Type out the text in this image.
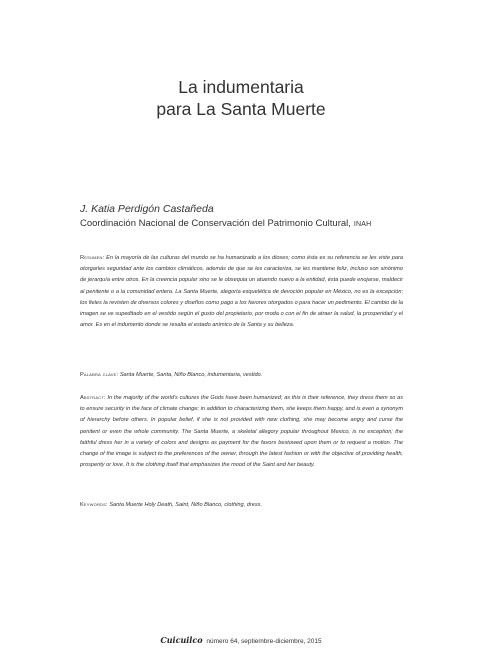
La indumentaria
para La Santa Muerte
J. Katia Perdigón Castañeda
Coordinación Nacional de Conservación del Patrimonio Cultural, INAH

Resumen: En la mayoría de las culturas del mundo se ha humanizado a los dioses; como ésta es su referencia se les viste para otorgarles seguridad ante los cambios climáticos, además de que se les caracteriza, se les mantiene feliz, incluso son sinónimo de jerarquía entre otros. En la creencia popular sino se le obsequia un atuendo nuevo a la entidad, ésta puede enojarse, maldecir al penitente o a la comunidad entera. La Santa Muerte, alegoría esquelética de devoción popular en México, no es la excepción; los fieles la revisten de diversos colores y diseños como pago a los favores otorgados o para hacer un pedimento. El cambio de la imagen se ve supeditado en el vestido según el gusto del propietario, por moda o con el fin de atraer la salud, la prosperidad y el amor. Es en el indumento donde se resalta el estado anímico de la Santa y su belleza.

Palabra clave: Santa Muerte, Santa, Niño Blanco, indumentaria, vestido.

Abstract: In the majority of the world's cultures the Gods have been humanized; as this is their reference, they dress them so as to ensure security in the face of climate change; in addition to characterizing them, she keeps them happy, and is even a synonym of hierarchy before others. In popular belief, if she is not provided with new clothing, she may become angry and curse the penitent or even the whole community. The Santa Muerte, a skeletal allegory popular throughout Mexico, is no exception; the faithful dress her in a variety of colors and designs as payment for the favors bestowed upon them or to request a motion. The change of the image is subject to the preferences of the owner, through the latest fashion or with the objective of providing health, prosperity or love. It is the clothing itself that emphasizes the mood of the Saint and her beauty.

Keywords: Santa Muerte Holy Death, Saint, Niño Blanco, clothing, dress.

Cuicuilco número 64, septiembre-diciembre, 2015
